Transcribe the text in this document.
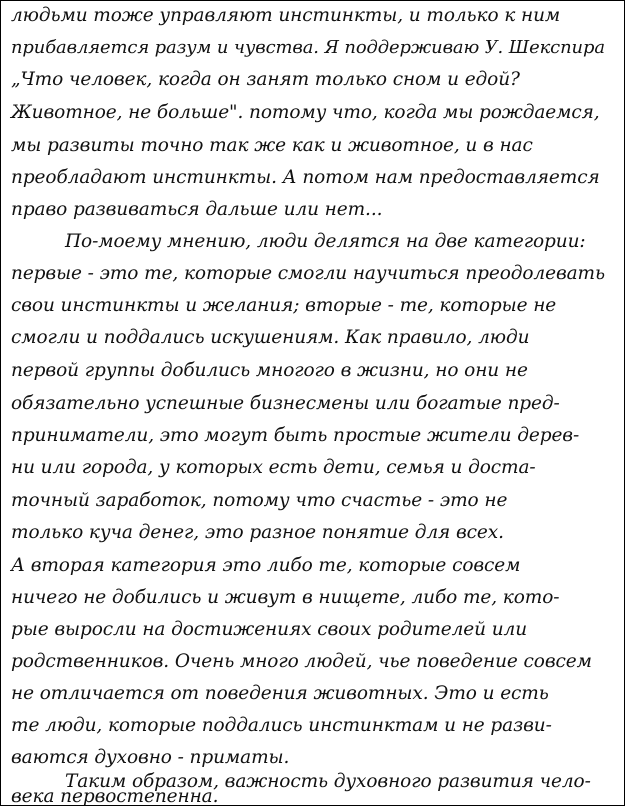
людьми тоже управляют инстинкты, и только к ним
прибавляется разум и чувства. Я поддерживаю У. Шекспира
„Что человек, когда он занят только сном и едой?
Животное, не больше". потому что, когда мы рождаемся,
мы развиты точно так же как и животное, и в нас
преобладают инстинкты. А потом нам предоставляется
право развиваться дальше или нет...
По-моему мнению, люди делятся на две категории:
первые - это те, которые смогли научиться преодолевать
свои инстинкты и желания; вторые - те, которые не
смогли и поддались искушениям. Как правило, люди
первой группы добились многого в жизни, но они не
обязательно успешные бизнесмены или богатые пред-
приниматели, это могут быть простые жители дерев-
ни или города, у которых есть дети, семья и доста-
точный заработок, потому что счастье - это не
только куча денег, это разное понятие для всех.
А вторая категория это либо те, которые совсем
ничего не добились и живут в нищете, либо те, кото-
рые выросли на достижениях своих родителей или
родственников. Очень много людей, чье поведение совсем
не отличается от поведения животных. Это и есть
те люди, которые поддались инстинктам и не разви-
ваются духовно - приматы.
Таким образом, важность духовного развития чело-
века первостепенна.
